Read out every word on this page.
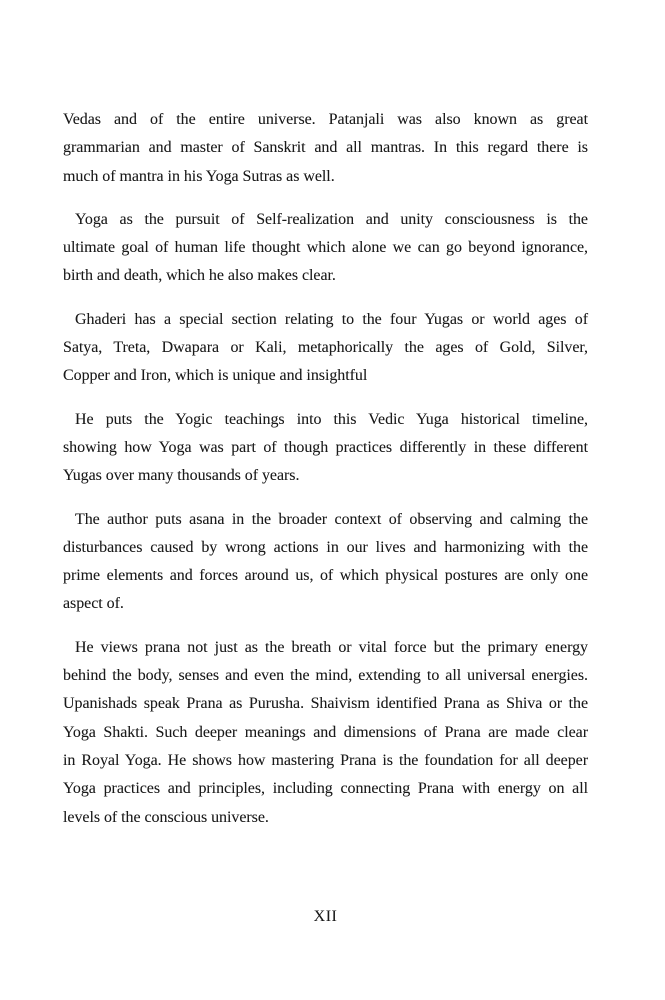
Vedas and of the entire universe. Patanjali was also known as great
grammarian and master of Sanskrit and all mantras. In this regard there is
much of mantra in his Yoga Sutras as well.
Yoga as the pursuit of Self-realization and unity consciousness is the
ultimate goal of human life thought which alone we can go beyond ignorance,
birth and death, which he also makes clear.
Ghaderi has a special section relating to the four Yugas or world ages of
Satya, Treta, Dwapara or Kali, metaphorically the ages of Gold, Silver,
Copper and Iron, which is unique and insightful
He puts the Yogic teachings into this Vedic Yuga historical timeline,
showing how Yoga was part of though practices differently in these different
Yugas over many thousands of years.
The author puts asana in the broader context of observing and calming the
disturbances caused by wrong actions in our lives and harmonizing with the
prime elements and forces around us, of which physical postures are only one
aspect of.
He views prana not just as the breath or vital force but the primary energy
behind the body, senses and even the mind, extending to all universal energies.
Upanishads speak Prana as Purusha. Shaivism identified Prana as Shiva or the
Yoga Shakti. Such deeper meanings and dimensions of Prana are made clear
in Royal Yoga. He shows how mastering Prana is the foundation for all deeper
Yoga practices and principles, including connecting Prana with energy on all
levels of the conscious universe.
XII
